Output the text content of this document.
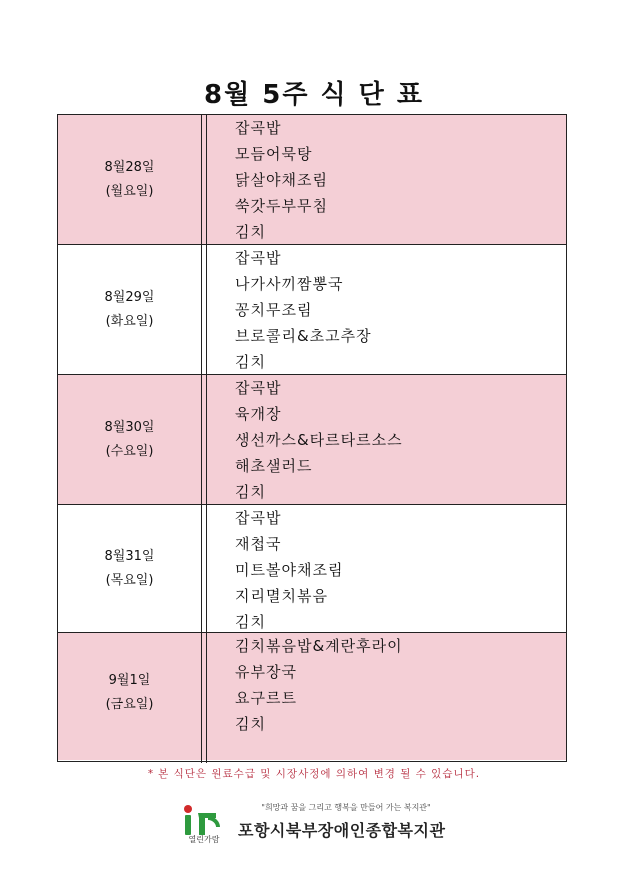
8월 5주 식 단 표
8월28일
(월요일)
잡곡밥
모듬어묵탕
닭살야채조림
쑥갓두부무침
김치
8월29일
(화요일)
잡곡밥
나가사끼짬뽕국
꽁치무조림
브로콜리&초고추장
김치
8월30일
(수요일)
잡곡밥
육개장
생선까스&타르타르소스
해초샐러드
김치
8월31일
(목요일)
잡곡밥
재첩국
미트볼야채조림
지리멸치볶음
김치
9월1일
(금요일)
김치볶음밥&계란후라이
유부장국
요구르트
김치
* 본 식단은 원료수급 및 시장사정에 의하여 변경 될 수 있습니다.
열린가람
"희망과 꿈을 그리고 행복을 만들어 가는 복지관"
포항시북부장애인종합복지관
